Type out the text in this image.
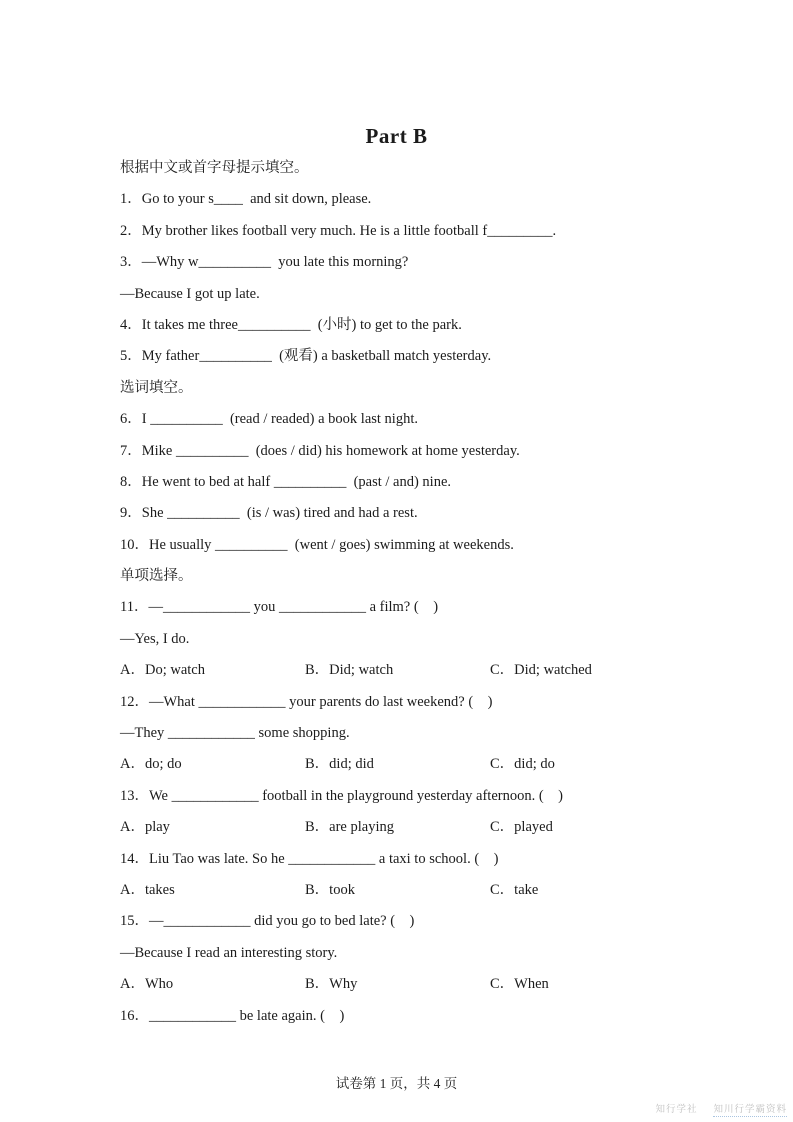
Part B
根据中文或首字母提示填空。
1．Go to your s____  and sit down, please.
2．My brother likes football very much. He is a little football f_________.
3．—Why w__________  you late this morning?
—Because I got up late.
4．It takes me three__________  (小时) to get to the park.
5．My father__________  (观看) a basketball match yesterday.
选词填空。
6．I __________  (read / readed) a book last night.
7．Mike __________  (does / did) his homework at home yesterday.
8．He went to bed at half __________  (past / and) nine.
9．She __________  (is / was) tired and had a rest.
10．He usually __________  (went / goes) swimming at weekends.
单项选择。
11．—____________ you ____________ a film? (    )
—Yes, I do.
A．Do; watch	B．Did; watch	C．Did; watched
12．—What ____________ your parents do last weekend? (    )
—They ____________ some shopping.
A．do; do	B．did; did	C．did; do
13．We ____________ football in the playground yesterday afternoon. (    )
A．play	B．are playing	C．played
14．Liu Tao was late. So he ____________ a taxi to school. (    )
A．takes	B．took	C．take
15．—____________ did you go to bed late? (    )
—Because I read an interesting story.
A．Who	B．Why	C．When
16．____________ be late again. (    )
试卷第 1 页，共 4 页
知行学社 知川行学霸资料
